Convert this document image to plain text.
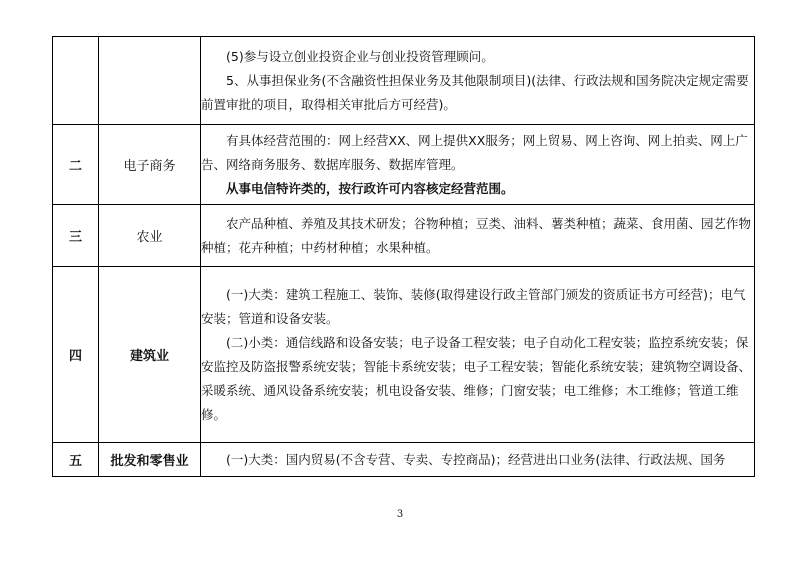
		(5)参与设立创业投资企业与创业投资管理顾问。

5、从事担保业务(不含融资性担保业务及其他限制项目)(法律、行政法规和国务院决定规定需要前置审批的项目，取得相关审批后方可经营)。

二	电子商务	有具体经营范围的：网上经营XX、网上提供XX服务；网上贸易、网上咨询、网上拍卖、网上广告、网络商务服务、数据库服务、数据库管理。

从事电信特许类的，按行政许可内容核定经营范围。

三	农业	农产品种植、养殖及其技术研发；谷物种植；豆类、油料、薯类种植；蔬菜、食用菌、园艺作物种植；花卉种植；中药材种植；水果种植。

四	建筑业	(一)大类：建筑工程施工、装饰、装修(取得建设行政主管部门颁发的资质证书方可经营)；电气安装；管道和设备安装。

(二)小类：通信线路和设备安装；电子设备工程安装；电子自动化工程安装；监控系统安装；保安监控及防盗报警系统安装；智能卡系统安装；电子工程安装；智能化系统安装；建筑物空调设备、采暖系统、通风设备系统安装；机电设备安装、维修；门窗安装；电工维修；木工维修；管道工维修。

五	批发和零售业	(一)大类：国内贸易(不含专营、专卖、专控商品)；经营进出口业务(法律、行政法规、国务

3
